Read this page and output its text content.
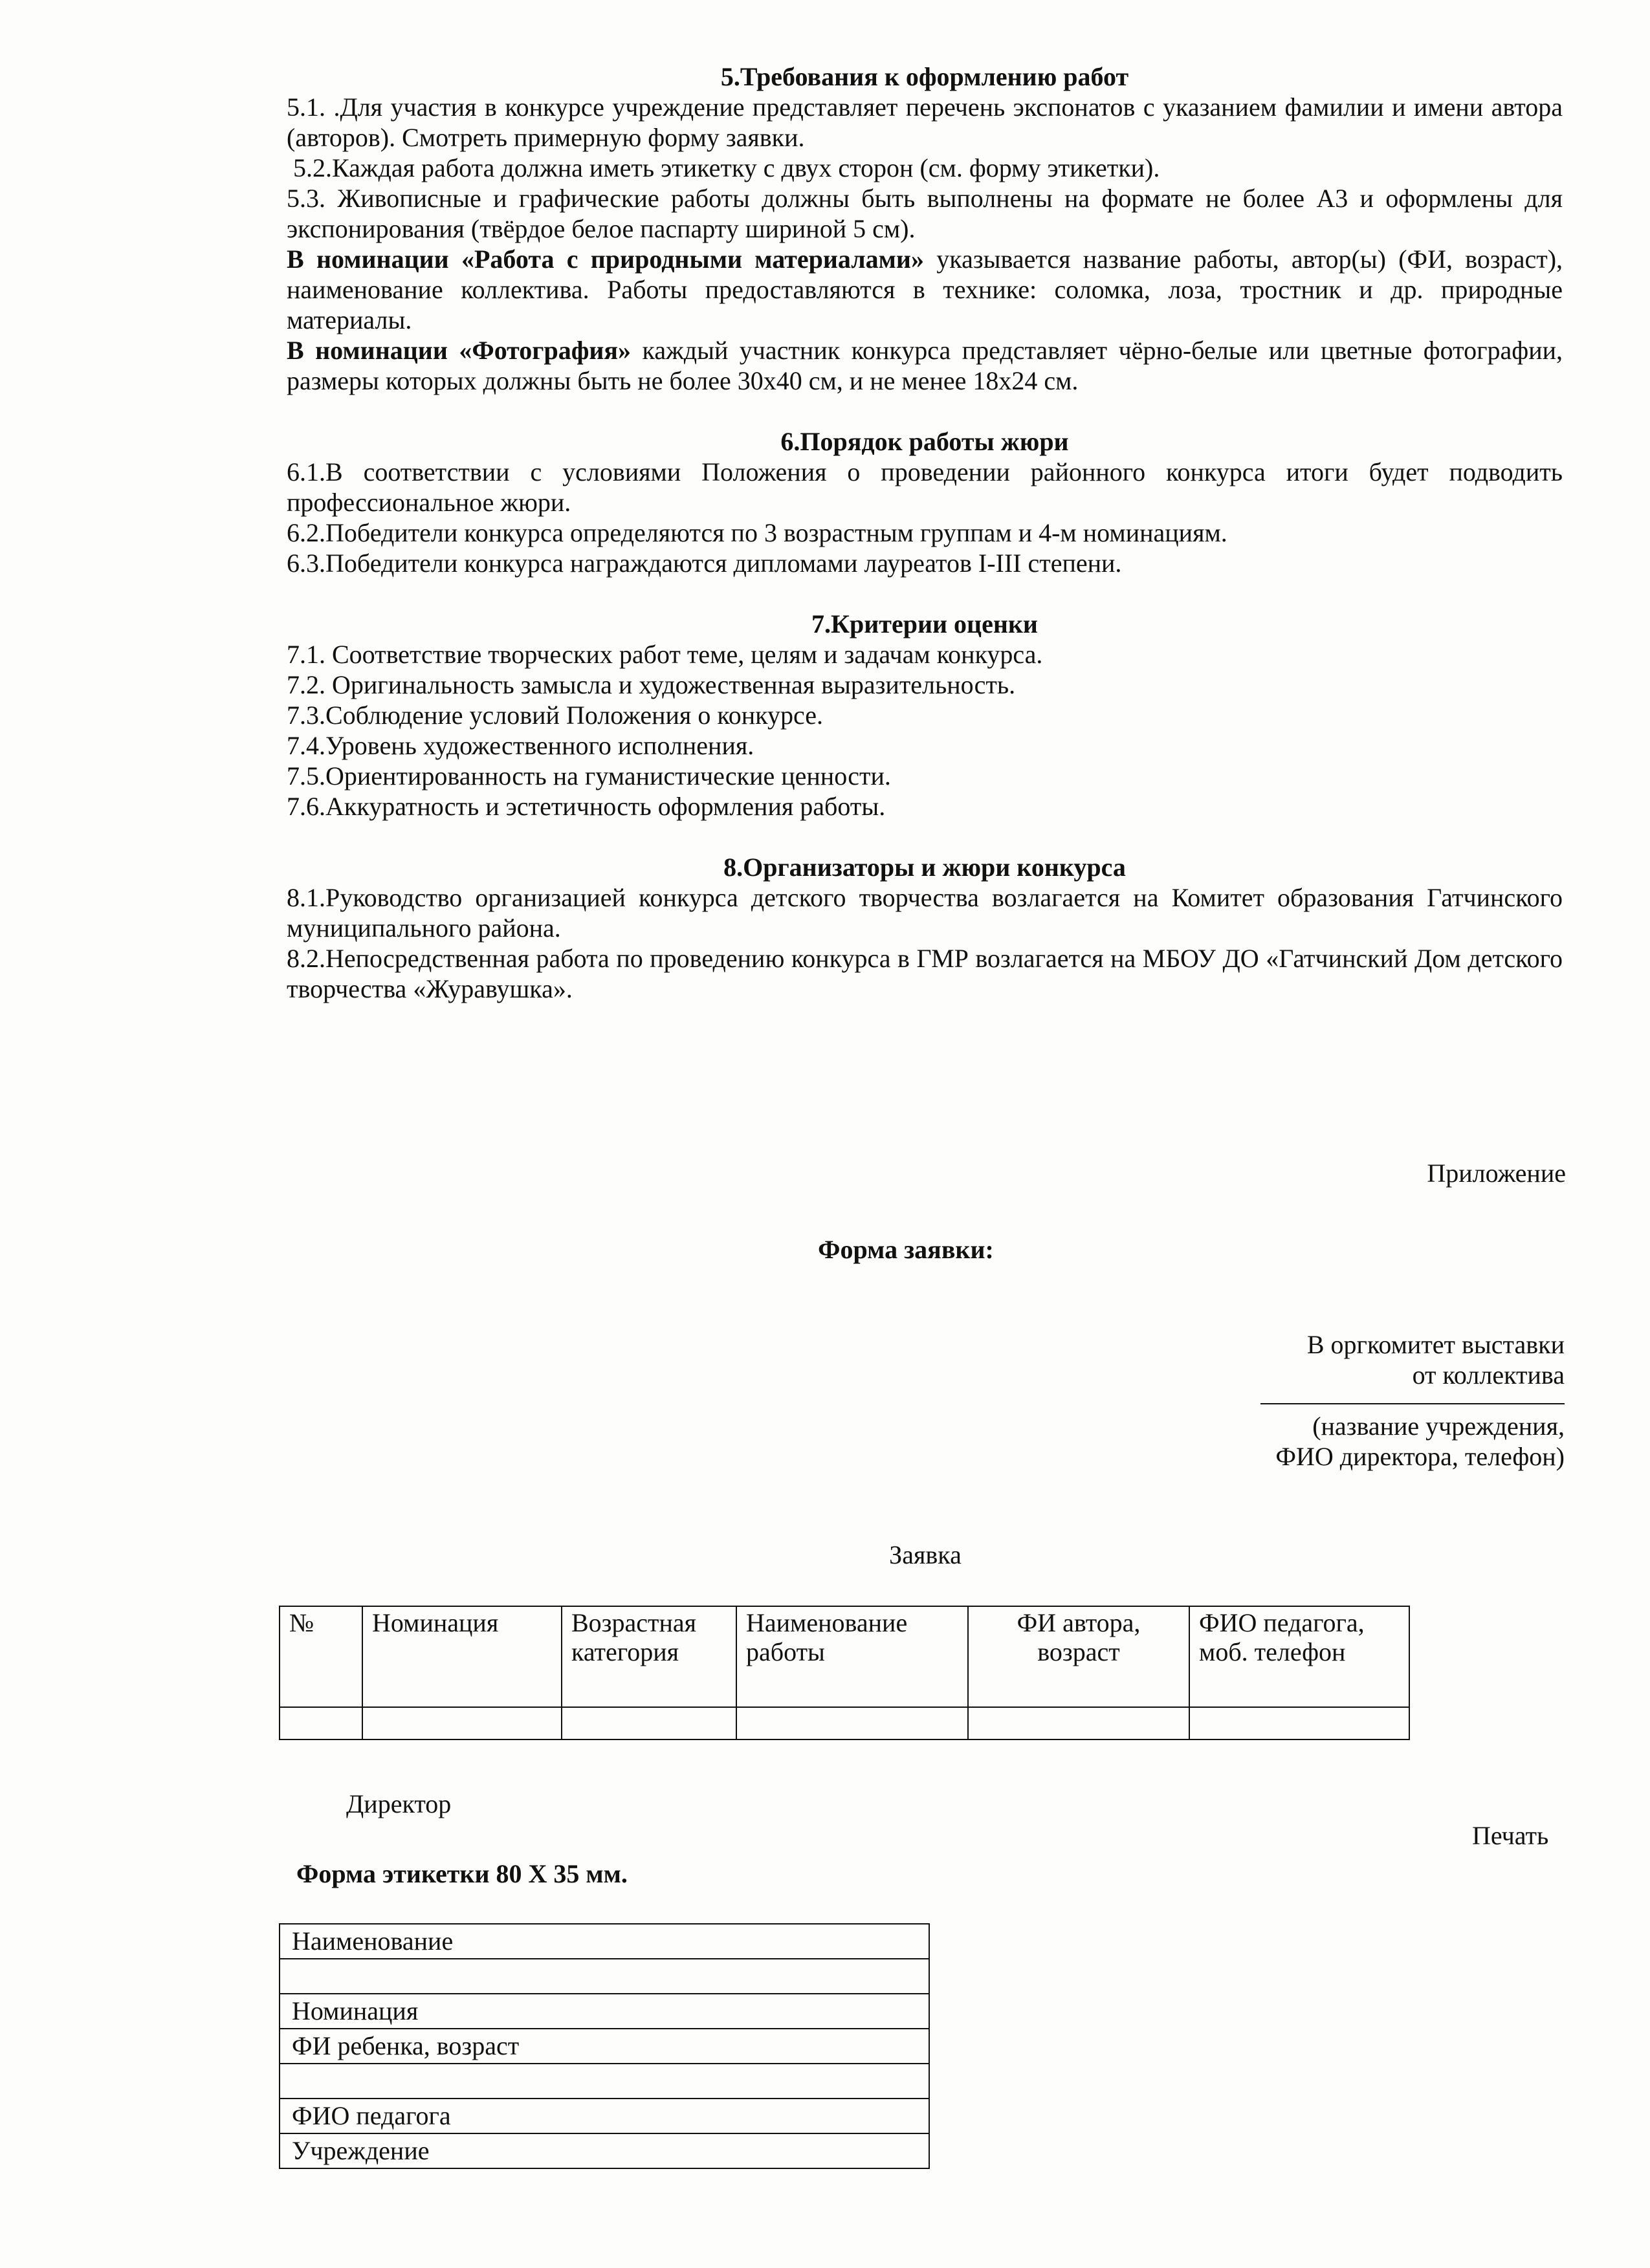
5.Требования к оформлению работ
5.1. .Для участия в конкурсе учреждение представляет перечень экспонатов с указанием фамилии и имени автора (авторов). Смотреть примерную форму заявки.
5.2.Каждая работа должна иметь этикетку с двух сторон (см. форму этикетки).
5.3. Живописные и графические работы должны быть выполнены на формате не более А3 и оформлены для экспонирования (твёрдое белое паспарту шириной 5 см).
В номинации «Работа с природными материалами» указывается название работы, автор(ы) (ФИ, возраст), наименование коллектива. Работы предоставляются в технике: соломка, лоза, тростник и др. природные материалы.
В номинации «Фотография» каждый участник конкурса представляет чёрно-белые или цветные фотографии, размеры которых должны быть не более 30х40 см, и не менее 18х24 см.
6.Порядок работы жюри
6.1.В соответствии с условиями Положения о проведении районного конкурса итоги будет подводить профессиональное жюри.
6.2.Победители конкурса определяются по 3 возрастным группам и 4-м номинациям.
6.3.Победители конкурса награждаются дипломами лауреатов I-III степени.
7.Критерии оценки
7.1. Соответствие творческих работ теме, целям и задачам конкурса.
7.2. Оригинальность замысла и художественная выразительность.
7.3.Соблюдение условий Положения о конкурсе.
7.4.Уровень художественного исполнения.
7.5.Ориентированность на гуманистические ценности.
7.6.Аккуратность и эстетичность оформления работы.
8.Организаторы и жюри конкурса
8.1.Руководство организацией конкурса детского творчества возлагается на Комитет образования Гатчинского муниципального района.
8.2.Непосредственная работа по проведению конкурса в ГМР возлагается на МБОУ ДО «Гатчинский Дом детского творчества «Журавушка».
Приложение
Форма заявки:
В оргкомитет выставки
от коллектива
(название учреждения,
ФИО директора, телефон)
Заявка
№	Номинация	Возрастная категория	Наименование работы	ФИ автора, возраст	ФИО педагога, моб. телефон

Директор
Печать
Форма этикетки 80 Х 35 мм.
Наименование

Номинация
ФИ ребенка, возраст

ФИО педагога
Учреждение
